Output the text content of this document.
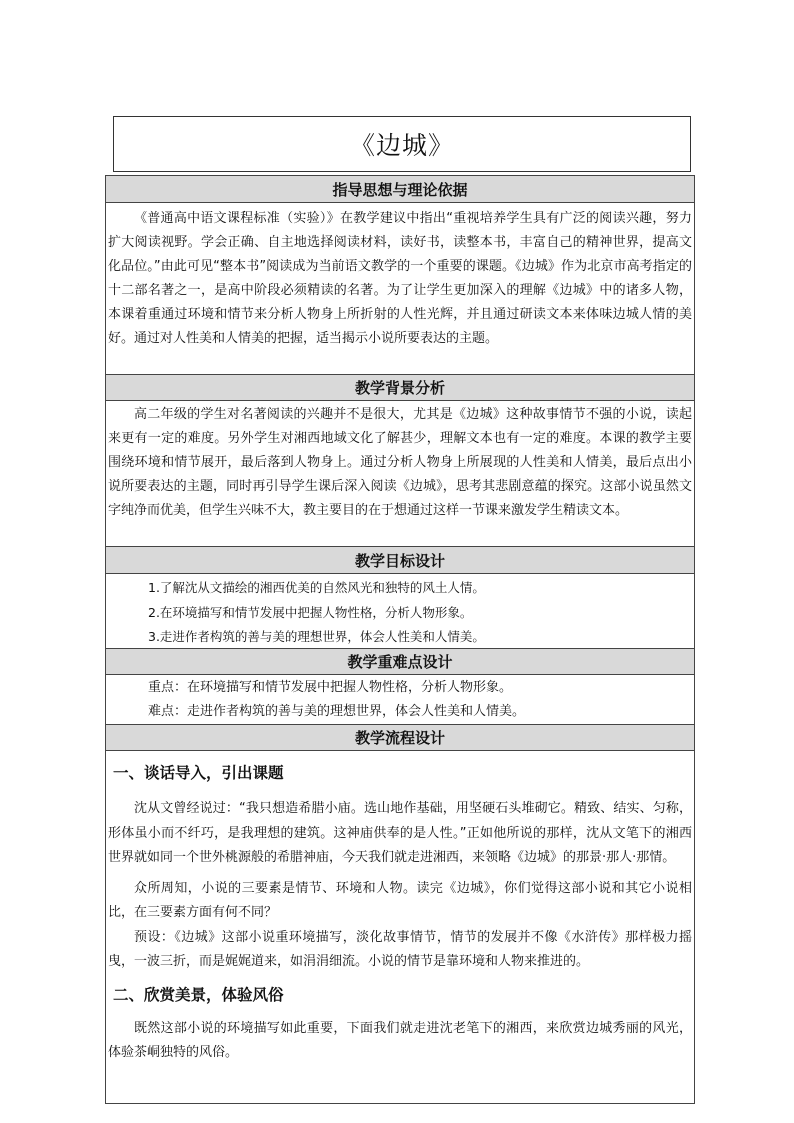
《边城》
指导思想与理论依据

《普通高中语文课程标准（实验）》在教学建议中指出“重视培养学生具有广泛的阅读兴趣，努力扩大阅读视野。学会正确、自主地选择阅读材料，读好书，读整本书，丰富自己的精神世界，提高文化品位。”由此可见“整本书”阅读成为当前语文教学的一个重要的课题。《边城》作为北京市高考指定的十二部名著之一，是高中阶段必须精读的名著。为了让学生更加深入的理解《边城》中的诸多人物，本课着重通过环境和情节来分析人物身上所折射的人性光辉，并且通过研读文本来体味边城人情的美好。通过对人性美和人情美的把握，适当揭示小说所要表达的主题。

教学背景分析

高二年级的学生对名著阅读的兴趣并不是很大，尤其是《边城》这种故事情节不强的小说，读起来更有一定的难度。另外学生对湘西地域文化了解甚少，理解文本也有一定的难度。本课的教学主要围绕环境和情节展开，最后落到人物身上。通过分析人物身上所展现的人性美和人情美，最后点出小说所要表达的主题，同时再引导学生课后深入阅读《边城》，思考其悲剧意蕴的探究。这部小说虽然文字纯净而优美，但学生兴味不大，教主要目的在于想通过这样一节课来激发学生精读文本。

教学目标设计

1.了解沈从文描绘的湘西优美的自然风光和独特的风土人情。

2.在环境描写和情节发展中把握人物性格，分析人物形象。

3.走进作者构筑的善与美的理想世界，体会人性美和人情美。

教学重难点设计

重点：在环境描写和情节发展中把握人物性格，分析人物形象。

难点：走进作者构筑的善与美的理想世界，体会人性美和人情美。

教学流程设计

一、谈话导入，引出课题

沈从文曾经说过：“我只想造希腊小庙。选山地作基础，用坚硬石头堆砌它。精致、结实、匀称，形体虽小而不纤巧，是我理想的建筑。这神庙供奉的是人性。”正如他所说的那样，沈从文笔下的湘西世界就如同一个世外桃源般的希腊神庙，今天我们就走进湘西，来领略《边城》的那景·那人·那情。

众所周知，小说的三要素是情节、环境和人物。读完《边城》，你们觉得这部小说和其它小说相比，在三要素方面有何不同？

预设：《边城》这部小说重环境描写，淡化故事情节，情节的发展并不像《水浒传》那样极力摇曳，一波三折，而是娓娓道来，如涓涓细流。小说的情节是靠环境和人物来推进的。

二、欣赏美景，体验风俗

既然这部小说的环境描写如此重要，下面我们就走进沈老笔下的湘西，来欣赏边城秀丽的风光，体验茶峒独特的风俗。
